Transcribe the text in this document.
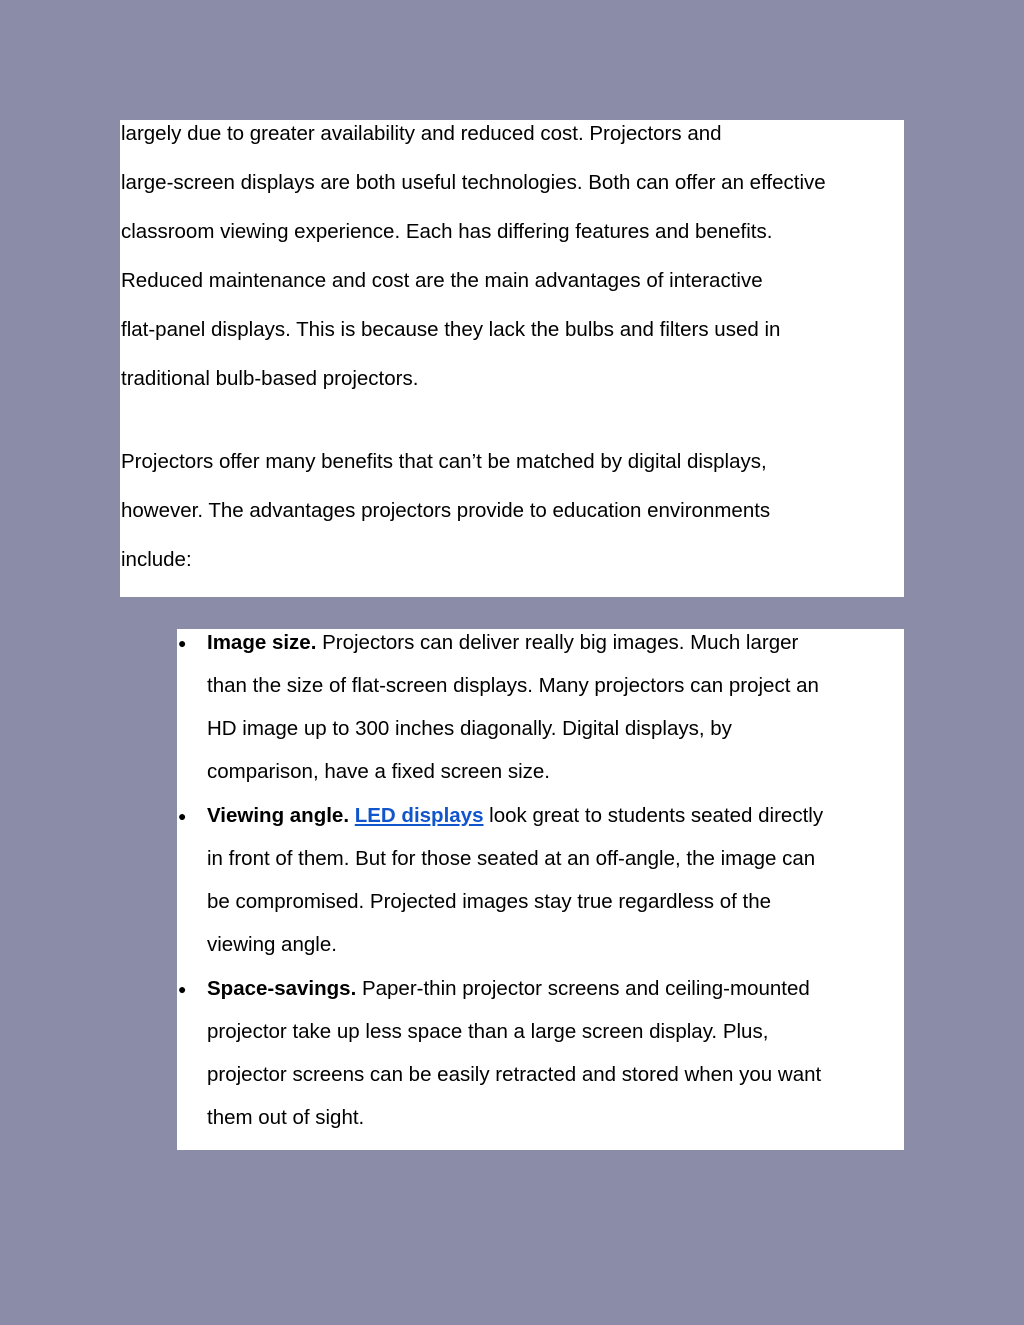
largely due to greater availability and reduced cost. Projectors and
large-screen displays are both useful technologies. Both can offer an effective
classroom viewing experience. Each has differing features and benefits.
Reduced maintenance and cost are the main advantages of interactive
flat-panel displays. This is because they lack the bulbs and filters used in
traditional bulb-based projectors.
Projectors offer many benefits that can’t be matched by digital displays,
however. The advantages projectors provide to education environments
include:
● Image size. Projectors can deliver really big images. Much larger
than the size of flat-screen displays. Many projectors can project an
HD image up to 300 inches diagonally. Digital displays, by
comparison, have a fixed screen size.
● Viewing angle. LED displays look great to students seated directly
in front of them. But for those seated at an off-angle, the image can
be compromised. Projected images stay true regardless of the
viewing angle.
● Space-savings. Paper-thin projector screens and ceiling-mounted
projector take up less space than a large screen display. Plus,
projector screens can be easily retracted and stored when you want
them out of sight.
